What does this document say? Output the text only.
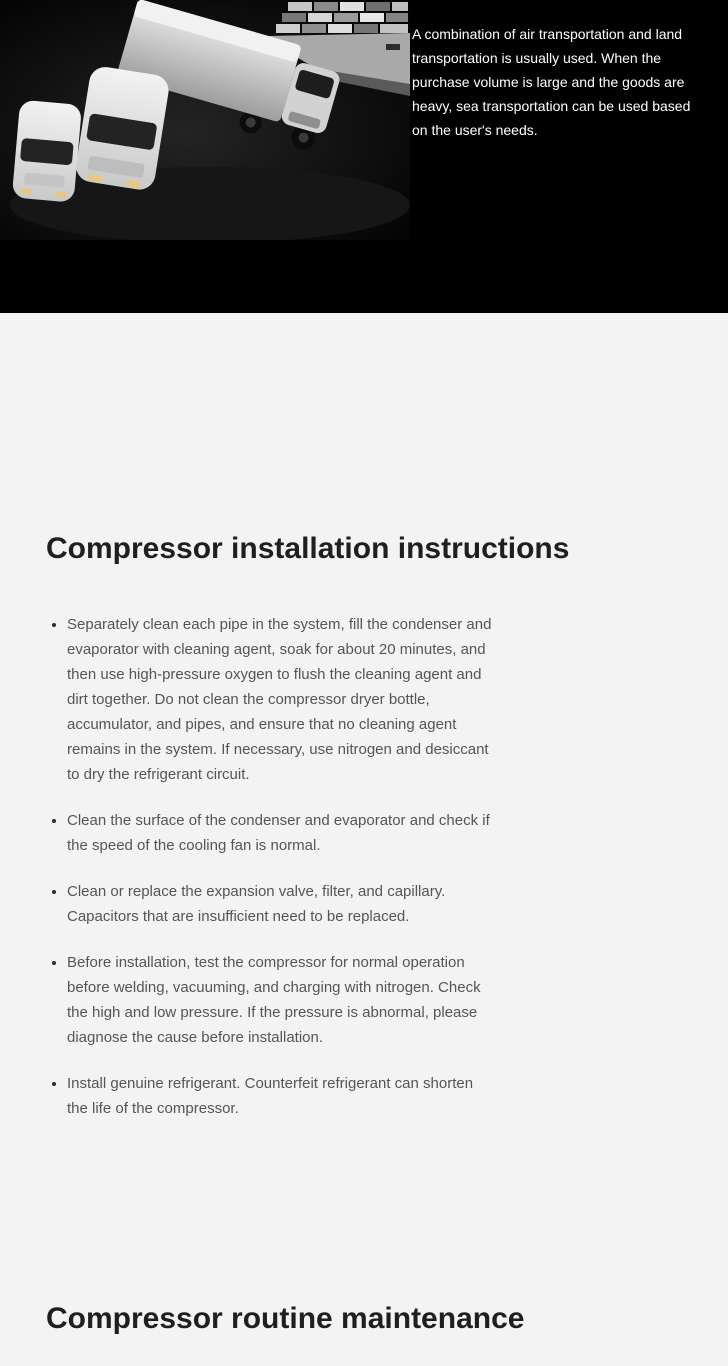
A combination of air transportation and land transportation is usually used. When the purchase volume is large and the goods are heavy, sea transportation can be used based on the user's needs.

Compressor installation instructions
• Separately clean each pipe in the system, fill the condenser and evaporator with cleaning agent, soak for about 20 minutes, and then use high-pressure oxygen to flush the cleaning agent and dirt together. Do not clean the compressor dryer bottle, accumulator, and pipes, and ensure that no cleaning agent remains in the system. If necessary, use nitrogen and desiccant to dry the refrigerant circuit.
• Clean the surface of the condenser and evaporator and check if the speed of the cooling fan is normal.
• Clean or replace the expansion valve, filter, and capillary. Capacitors that are insufficient need to be replaced.
• Before installation, test the compressor for normal operation before welding, vacuuming, and charging with nitrogen. Check the high and low pressure. If the pressure is abnormal, please diagnose the cause before installation.
• Install genuine refrigerant. Counterfeit refrigerant can shorten the life of the compressor.
Compressor routine maintenance
